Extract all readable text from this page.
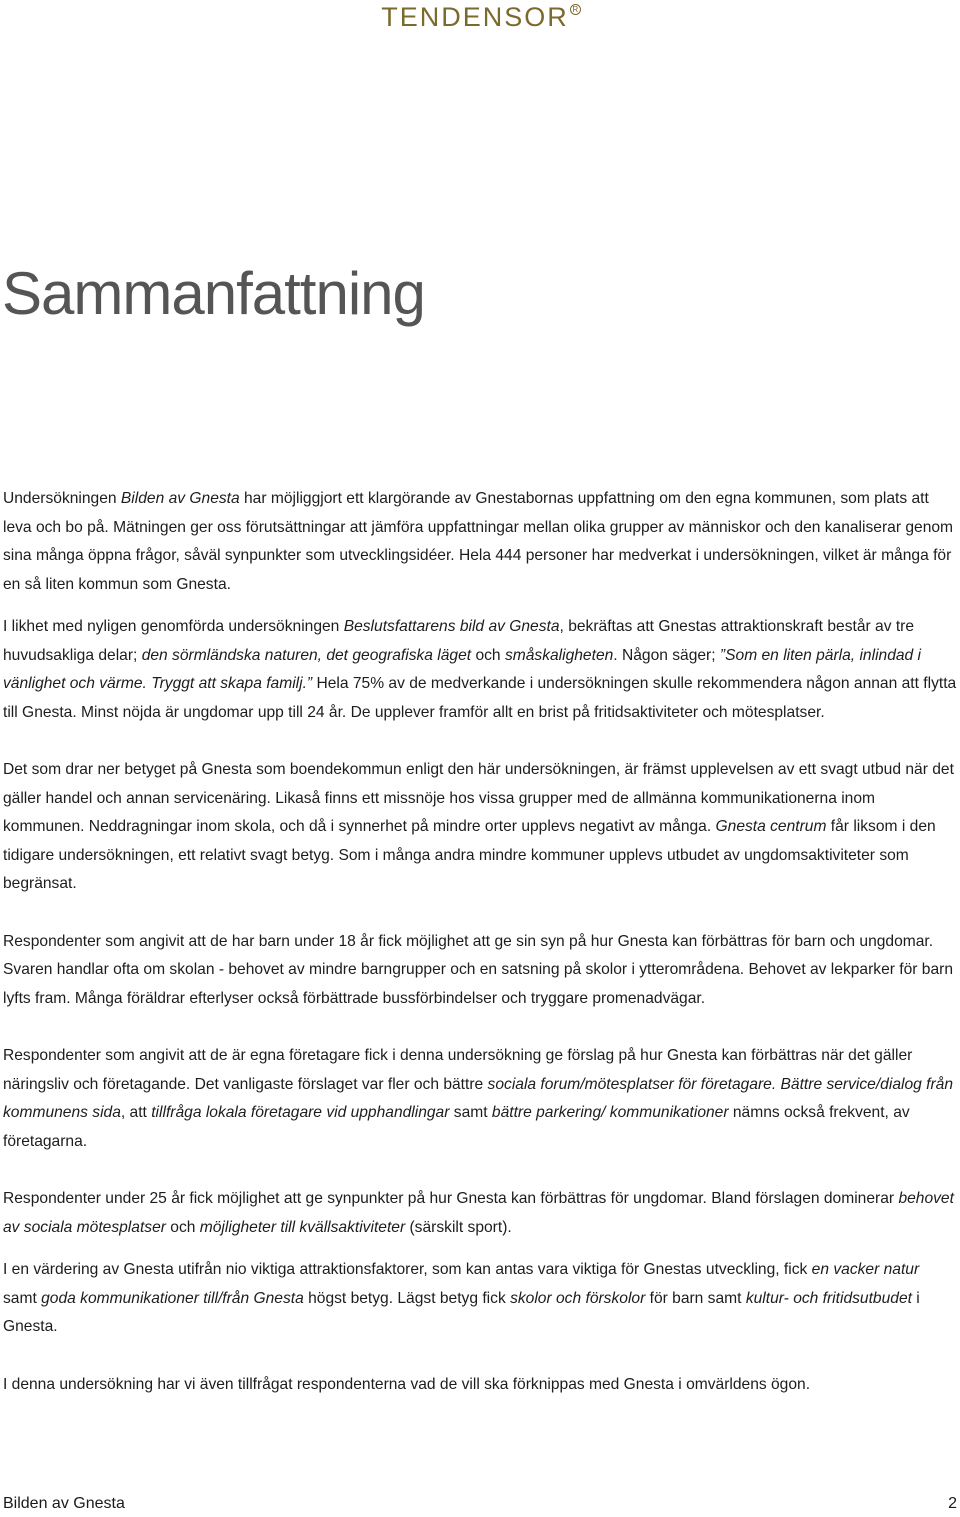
TENDENSOR R
Sammanfattning

Undersökningen Bilden av Gnesta har möjliggjort ett klargörande av Gnestabornas uppfattning om den egna kommunen, som plats att leva och bo på. Mätningen ger oss förutsättningar att jämföra uppfattningar mellan olika grupper av människor och den kanaliserar genom sina många öppna frågor, såväl synpunkter som utvecklingsidéer. Hela 444 personer har medverkat i undersökningen, vilket är många för en så liten kommun som Gnesta.

I likhet med nyligen genomförda undersökningen Beslutsfattarens bild av Gnesta, bekräftas att Gnestas attraktionskraft består av tre huvudsakliga delar; den sörmländska naturen, det geografiska läget och småskaligheten. Någon säger; ”Som en liten pärla, inlindad i vänlighet och värme. Tryggt att skapa familj.” Hela 75% av de medverkande i undersökningen skulle rekommendera någon annan att flytta till Gnesta. Minst nöjda är ungdomar upp till 24 år. De upplever framför allt en brist på fritidsaktiviteter och mötesplatser.

Det som drar ner betyget på Gnesta som boendekommun enligt den här undersökningen, är främst upplevelsen av ett svagt utbud när det gäller handel och annan servicenäring. Likaså finns ett missnöje hos vissa grupper med de allmänna kommunikationerna inom kommunen. Neddragningar inom skola, och då i synnerhet på mindre orter upplevs negativt av många. Gnesta centrum får liksom i den tidigare undersökningen, ett relativt svagt betyg. Som i många andra mindre kommuner upplevs utbudet av ungdomsaktiviteter som begränsat.

Respondenter som angivit att de har barn under 18 år fick möjlighet att ge sin syn på hur Gnesta kan förbättras för barn och ungdomar. Svaren handlar ofta om skolan - behovet av mindre barngrupper och en satsning på skolor i ytterområdena. Behovet av lekparker för barn lyfts fram. Många föräldrar efterlyser också förbättrade bussförbindelser och tryggare promenadvägar.

Respondenter som angivit att de är egna företagare fick i denna undersökning ge förslag på hur Gnesta kan förbättras när det gäller näringsliv och företagande. Det vanligaste förslaget var fler och bättre sociala forum/mötesplatser för företagare. Bättre service/dialog från kommunens sida, att tillfråga lokala företagare vid upphandlingar samt bättre parkering/ kommunikationer nämns också frekvent, av företagarna.

Respondenter under 25 år fick möjlighet att ge synpunkter på hur Gnesta kan förbättras för ungdomar. Bland förslagen dominerar behovet av sociala mötesplatser och möjligheter till kvällsaktiviteter (särskilt sport).

I en värdering av Gnesta utifrån nio viktiga attraktionsfaktorer, som kan antas vara viktiga för Gnestas utveckling, fick en vacker natur samt goda kommunikationer till/från Gnesta högst betyg. Lägst betyg fick skolor och förskolor för barn samt kultur- och fritidsutbudet i Gnesta.

I denna undersökning har vi även tillfrågat respondenterna vad de vill ska förknippas med Gnesta i omvärldens ögon.

Bilden av Gnesta	2
